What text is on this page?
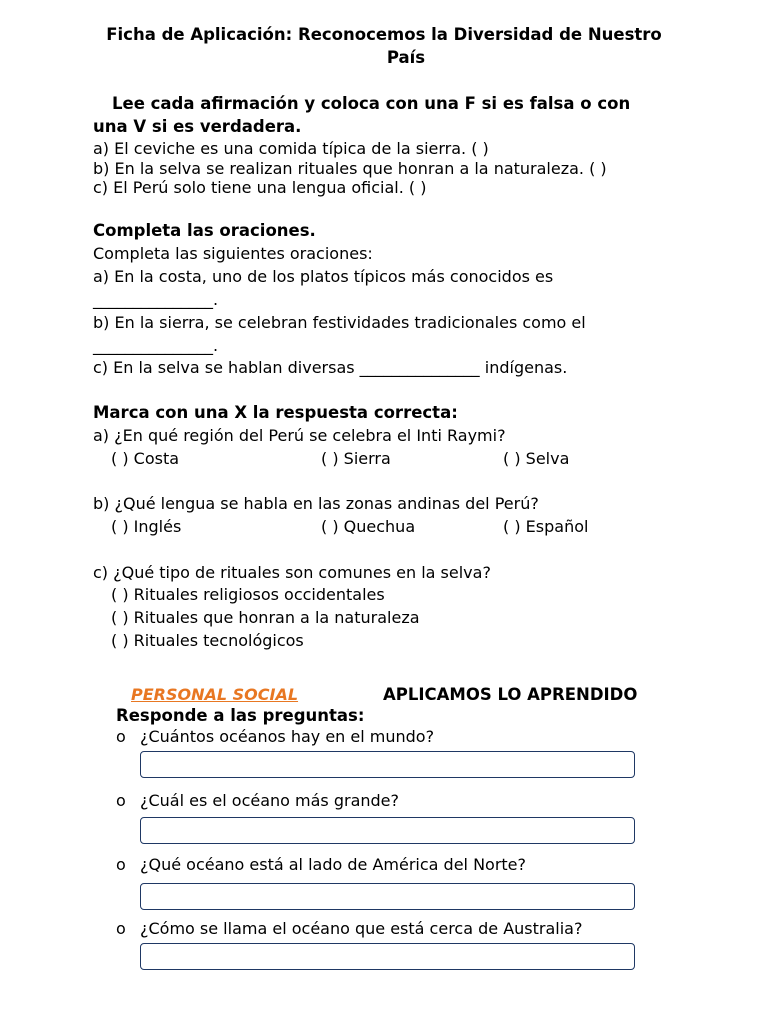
Ficha de Aplicación: Reconocemos la Diversidad de Nuestro
País
Lee cada afirmación y coloca con una F si es falsa o con
una V si es verdadera.
a) El ceviche es una comida típica de la sierra. ( )
b) En la selva se realizan rituales que honran a la naturaleza. ( )
c) El Perú solo tiene una lengua oficial. ( )
Completa las oraciones.
Completa las siguientes oraciones:
a) En la costa, uno de los platos típicos más conocidos es
_______________.
b) En la sierra, se celebran festividades tradicionales como el
_______________.
c) En la selva se hablan diversas _______________ indígenas.
Marca con una X la respuesta correcta:
a) ¿En qué región del Perú se celebra el Inti Raymi?
( ) Costa	( ) Sierra	( ) Selva
b) ¿Qué lengua se habla en las zonas andinas del Perú?
( ) Inglés	( ) Quechua	( ) Español
c) ¿Qué tipo de rituales son comunes en la selva?
( ) Rituales religiosos occidentales
( ) Rituales que honran a la naturaleza
( ) Rituales tecnológicos
PERSONAL SOCIAL	APLICAMOS LO APRENDIDO
Responde a las preguntas:
o ¿Cuántos océanos hay en el mundo?
o ¿Cuál es el océano más grande?
o ¿Qué océano está al lado de América del Norte?
o ¿Cómo se llama el océano que está cerca de Australia?
